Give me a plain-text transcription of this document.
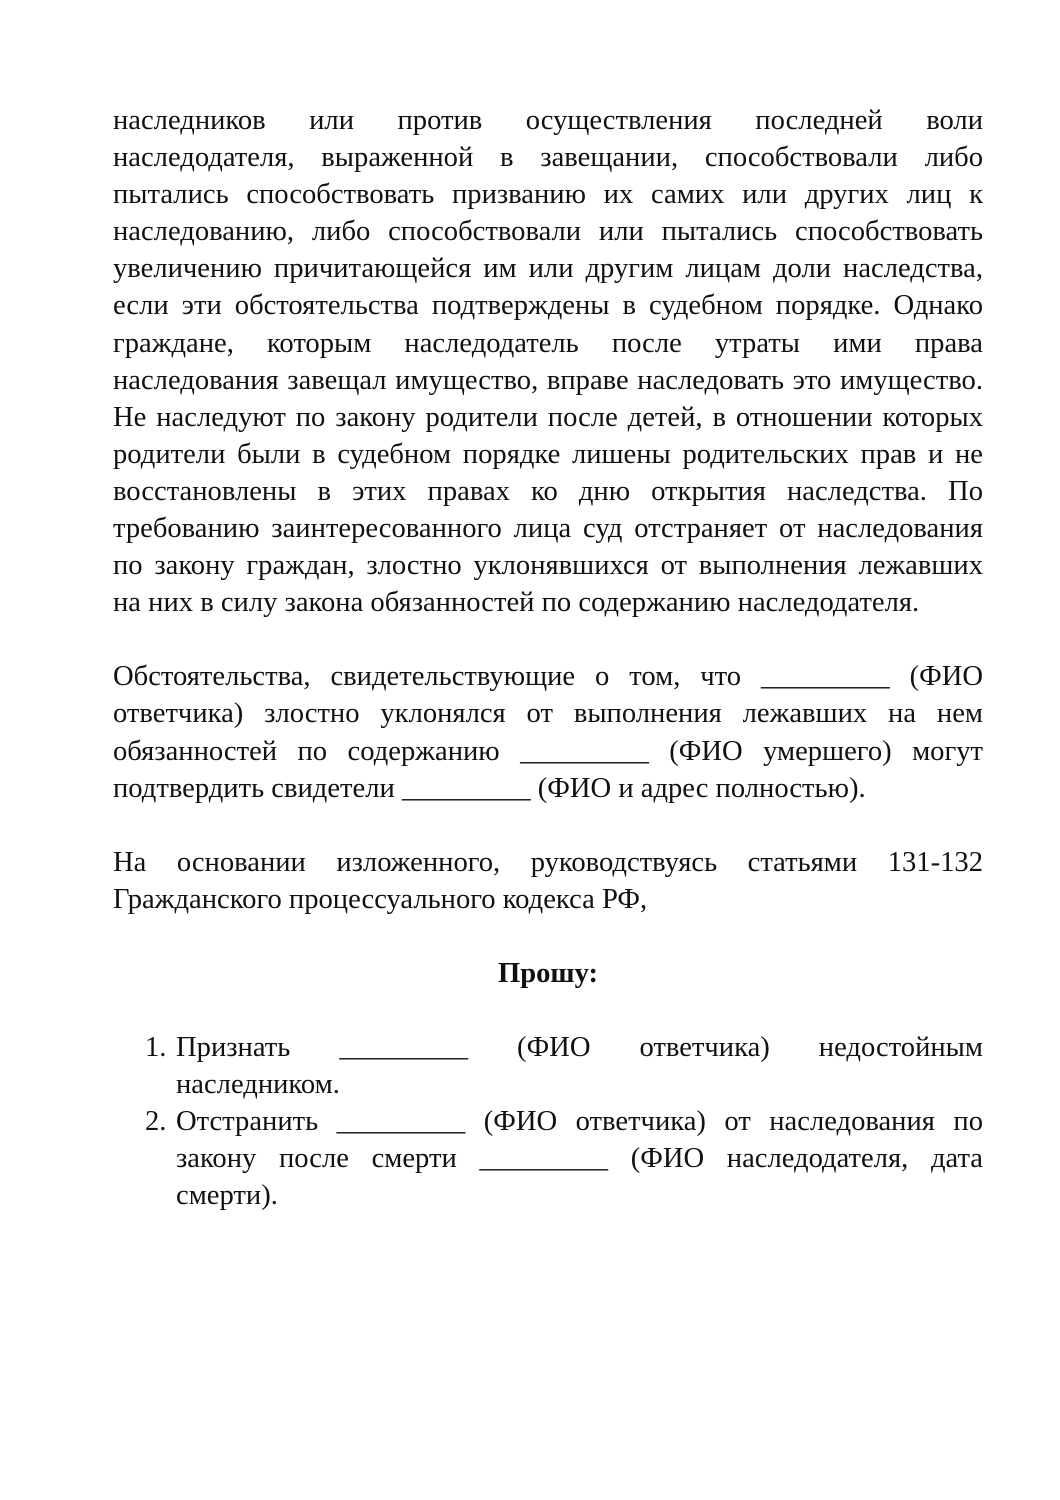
наследников или против осуществления последней воли наследодателя, выраженной в завещании, способствовали либо пытались способствовать призванию их самих или других лиц к наследованию, либо способствовали или пытались способствовать увеличению причитающейся им или другим лицам доли наследства, если эти обстоятельства подтверждены в судебном порядке. Однако граждане, которым наследодатель после утраты ими права наследования завещал имущество, вправе наследовать это имущество. Не наследуют по закону родители после детей, в отношении которых родители были в судебном порядке лишены родительских прав и не восстановлены в этих правах ко дню открытия наследства. По требованию заинтересованного лица суд отстраняет от наследования по закону граждан, злостно уклонявшихся от выполнения лежавших на них в силу закона обязанностей по содержанию наследодателя.

Обстоятельства, свидетельствующие о том, что _________ (ФИО ответчика) злостно уклонялся от выполнения лежавших на нем обязанностей по содержанию _________ (ФИО умершего) могут подтвердить свидетели _________ (ФИО и адрес полностью).

На основании изложенного, руководствуясь статьями 131-132 Гражданского процессуального кодекса РФ,

Прошу:

1. Признать _________ (ФИО ответчика) недостойным наследником.
2. Отстранить _________ (ФИО ответчика) от наследования по закону после смерти _________ (ФИО наследодателя, дата смерти).
